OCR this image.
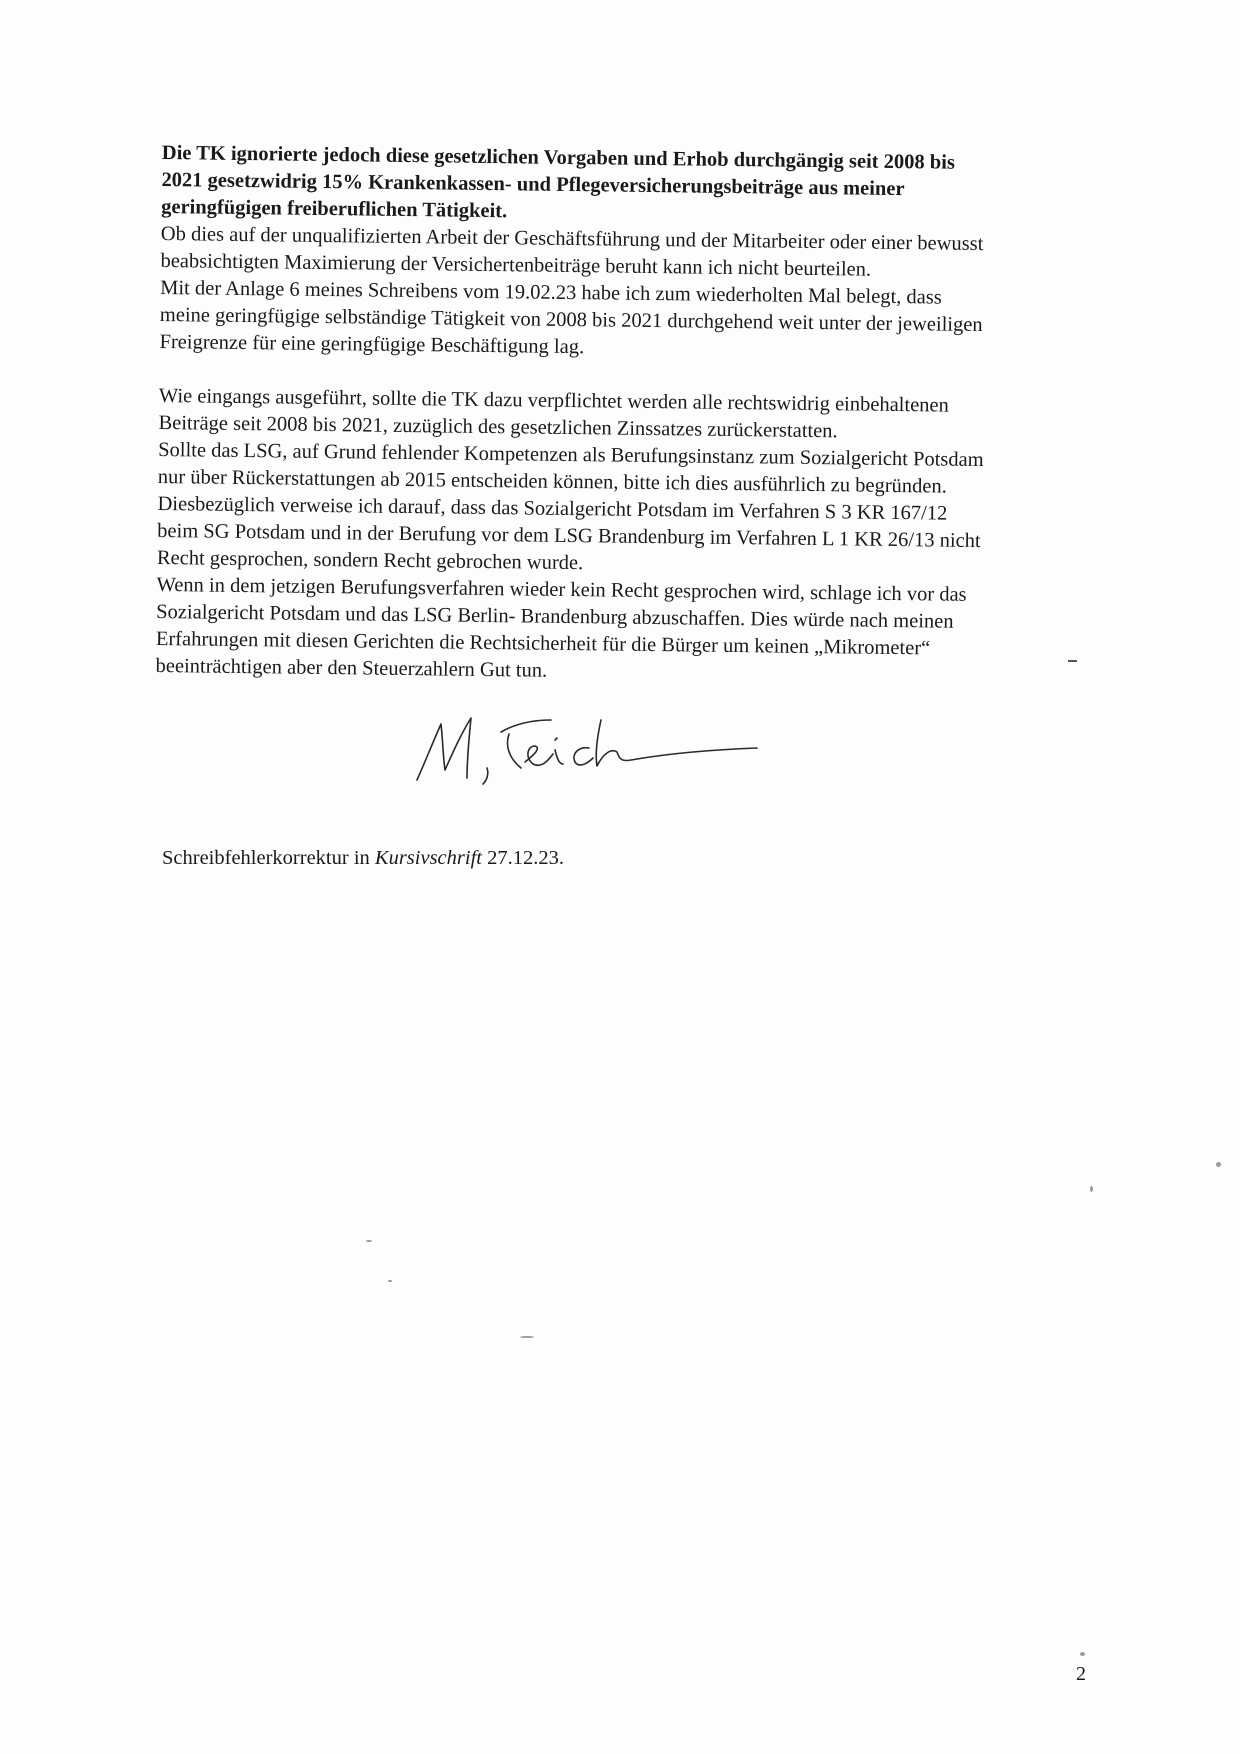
Die TK ignorierte jedoch diese gesetzlichen Vorgaben und Erhob durchgängig seit 2008 bis
2021 gesetzwidrig 15% Krankenkassen- und Pflegeversicherungsbeiträge aus meiner
geringfügigen freiberuflichen Tätigkeit.
Ob dies auf der unqualifizierten Arbeit der Geschäftsführung und der Mitarbeiter oder einer bewusst
beabsichtigten Maximierung der Versichertenbeiträge beruht kann ich nicht beurteilen.
Mit der Anlage 6 meines Schreibens vom 19.02.23 habe ich zum wiederholten Mal belegt, dass
meine geringfügige selbständige Tätigkeit von 2008 bis 2021 durchgehend weit unter der jeweiligen
Freigrenze für eine geringfügige Beschäftigung lag.
Wie eingangs ausgeführt, sollte die TK dazu verpflichtet werden alle rechtswidrig einbehaltenen
Beiträge seit 2008 bis 2021, zuzüglich des gesetzlichen Zinssatzes zurückerstatten.
Sollte das LSG, auf Grund fehlender Kompetenzen als Berufungsinstanz zum Sozialgericht Potsdam
nur über Rückerstattungen ab 2015 entscheiden können, bitte ich dies ausführlich zu begründen.
Diesbezüglich verweise ich darauf, dass das Sozialgericht Potsdam im Verfahren S 3 KR 167/12
beim SG Potsdam und in der Berufung vor dem LSG Brandenburg im Verfahren L 1 KR 26/13 nicht
Recht gesprochen, sondern Recht gebrochen wurde.
Wenn in dem jetzigen Berufungsverfahren wieder kein Recht gesprochen wird, schlage ich vor das
Sozialgericht Potsdam und das LSG Berlin- Brandenburg abzuschaffen. Dies würde nach meinen
Erfahrungen mit diesen Gerichten die Rechtsicherheit für die Bürger um keinen „Mikrometer“
beeinträchtigen aber den Steuerzahlern Gut tun.
Schreibfehlerkorrektur in Kursivschrift 27.12.23.
2
